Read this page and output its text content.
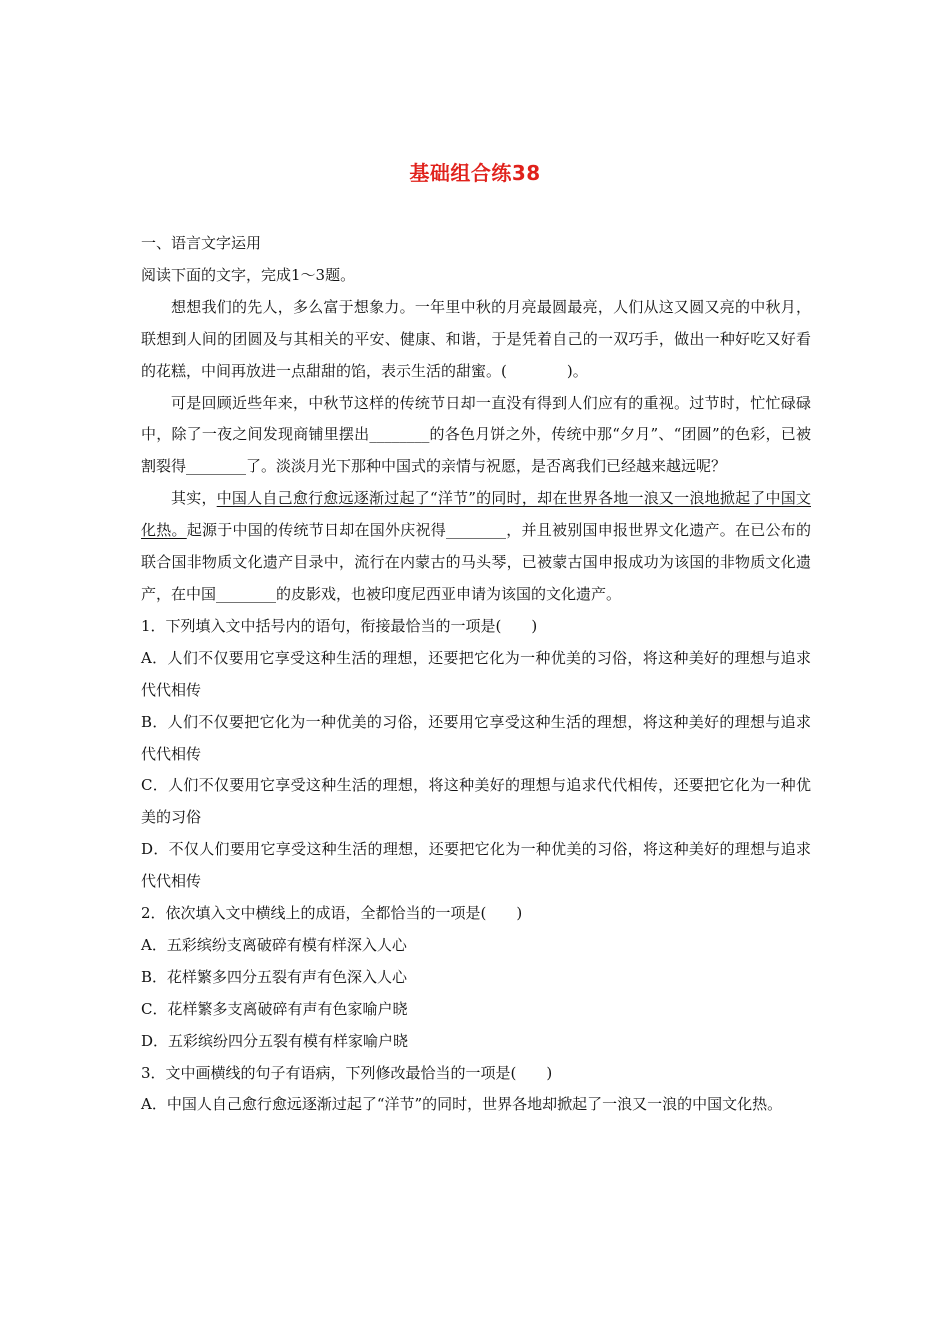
基础组合练38

一、语言文字运用

阅读下面的文字，完成1～3题。

想想我们的先人，多么富于想象力。一年里中秋的月亮最圆最亮，人们从这又圆又亮的中秋月，联想到人间的团圆及与其相关的平安、健康、和谐，于是凭着自己的一双巧手，做出一种好吃又好看的花糕，中间再放进一点甜甜的馅，表示生活的甜蜜。(　　　　)。

可是回顾近些年来，中秋节这样的传统节日却一直没有得到人们应有的重视。过节时，忙忙碌碌中，除了一夜之间发现商铺里摆出________的各色月饼之外，传统中那“夕月”、“团圆”的色彩，已被割裂得________了。淡淡月光下那种中国式的亲情与祝愿，是否离我们已经越来越远呢？

其实，中国人自己愈行愈远逐渐过起了“洋节”的同时，却在世界各地一浪又一浪地掀起了中国文化热。起源于中国的传统节日却在国外庆祝得________，并且被别国申报世界文化遗产。在已公布的联合国非物质文化遗产目录中，流行在内蒙古的马头琴，已被蒙古国申报成功为该国的非物质文化遗产，在中国________的皮影戏，也被印度尼西亚申请为该国的文化遗产。

1．下列填入文中括号内的语句，衔接最恰当的一项是(　　)

A．人们不仅要用它享受这种生活的理想，还要把它化为一种优美的习俗，将这种美好的理想与追求代代相传

B．人们不仅要把它化为一种优美的习俗，还要用它享受这种生活的理想，将这种美好的理想与追求代代相传

C．人们不仅要用它享受这种生活的理想，将这种美好的理想与追求代代相传，还要把它化为一种优美的习俗

D．不仅人们要用它享受这种生活的理想，还要把它化为一种优美的习俗，将这种美好的理想与追求代代相传

2．依次填入文中横线上的成语，全都恰当的一项是(　　)

A．五彩缤纷支离破碎有模有样深入人心

B．花样繁多四分五裂有声有色深入人心

C．花样繁多支离破碎有声有色家喻户晓

D．五彩缤纷四分五裂有模有样家喻户晓

3．文中画横线的句子有语病，下列修改最恰当的一项是(　　)

A．中国人自己愈行愈远逐渐过起了“洋节”的同时，世界各地却掀起了一浪又一浪的中国文化热。
